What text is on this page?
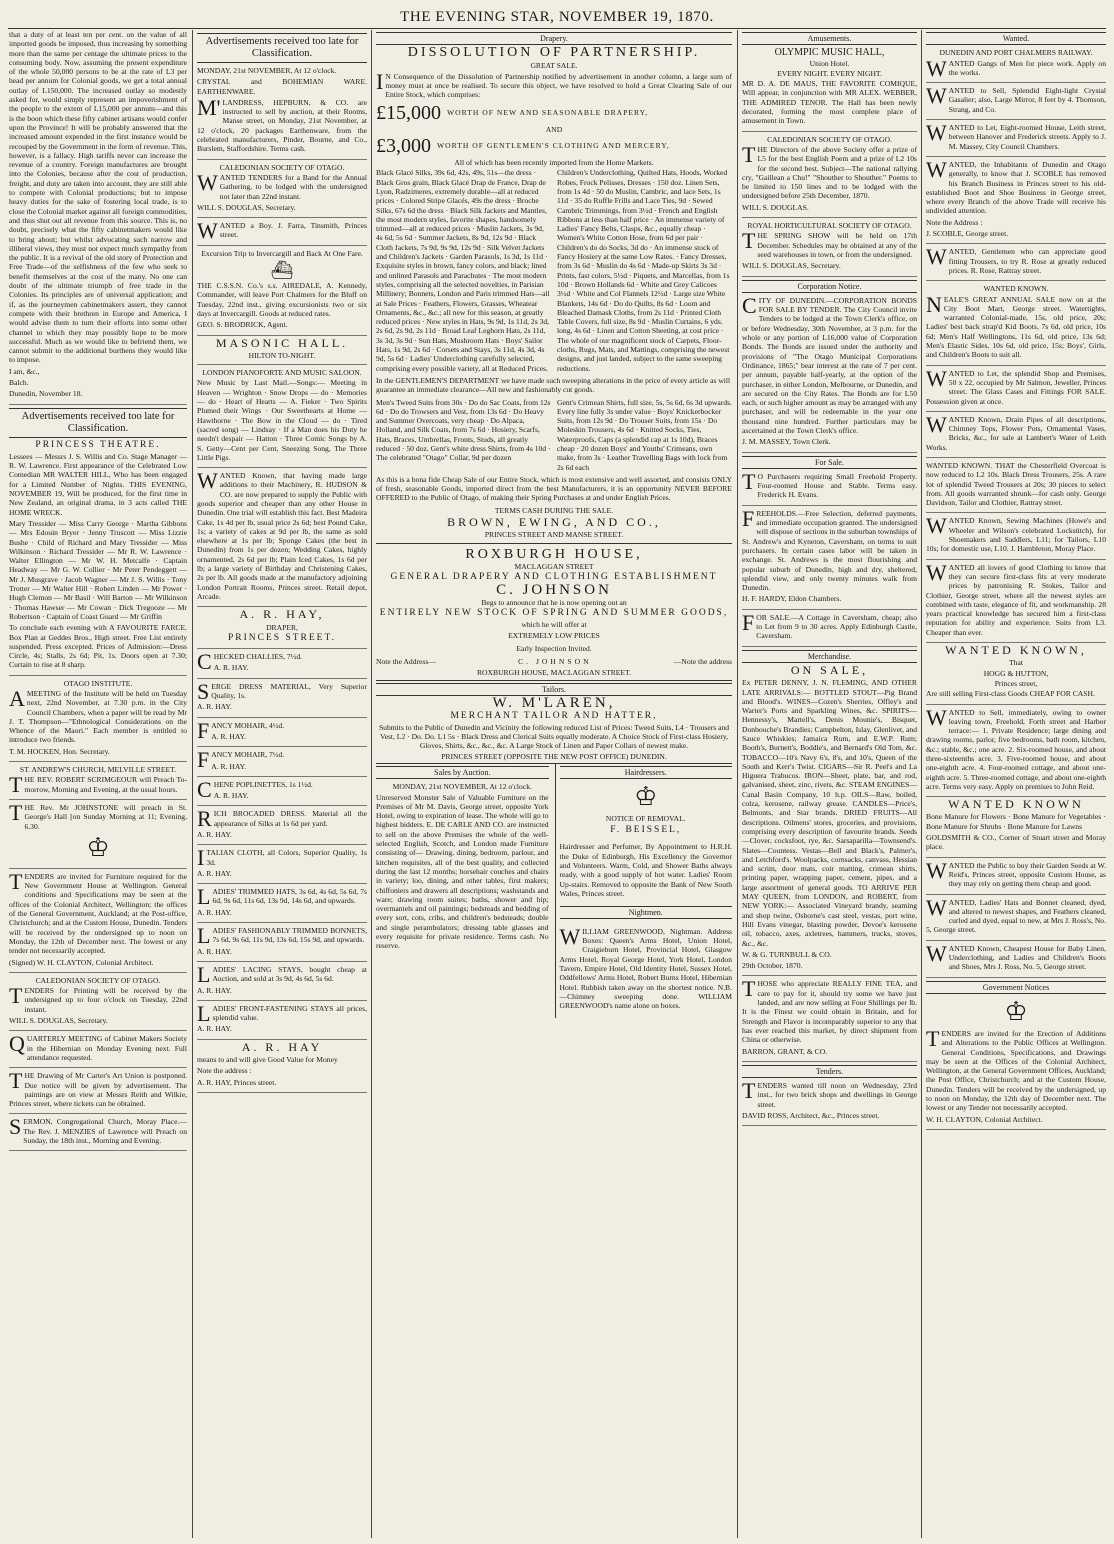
THE EVENING STAR, NOVEMBER 19, 1870.

that a duty of at least ten per cent. on the value of all imported goods be imposed, thus increasing by something more than the same per centage the ultimate prices to the consuming body. Now, assuming the present expenditure of the whole 50,000 persons to be at the rate of L3 per head per annum for Colonial goods, we get a total annual outlay of L150,000. The increased outlay so modestly asked for, would simply represent an impoverishment of the people to the extent of L15,000 per annum—and this is the boon which these fifty cabinet artisans would confer upon the Province! It will be probably answered that the increased amount expended in the first instance would be recouped by the Government in the form of revenue. This, however, is a fallacy. High tariffs never can increase the revenue of a country. Foreign manufactures are brought into the Colonies, because after the cost of production, freight, and duty are taken into account, they are still able to compete with Colonial productions; but to impose heavy duties for the sake of fostering local trade, is to close the Colonial market against all foreign commodities, and thus shut out all revenue from this source. This is, no doubt, precisely what the fifty cabinetmakers would like to bring about; but whilst advocating such narrow and illiberal views, they must not expect much sympathy from the public. It is a revival of the old story of Protection and Free Trade—of the selfishness of the few who seek to benefit themselves at the cost of the many. No one can doubt of the ultimate triumph of free trade in the Colonies. Its principles are of universal application; and if, as the journeymen cabinetmakers assert, they cannot compete with their brethren in Europe and America, I would advise them to turn their efforts into some other channel to which they may possibly hope to be more successful. Much as we would like to befriend them, we cannot submit to the additional burthens they would like to impose.

I am, &c.,

Balch.

Dunedin, November 18.

Advertisements received too late for Classification.
PRINCESS THEATRE.

Lessees — Messrs J. S. Willis and Co. Stage Manager — R. W. Lawrence. First appearance of the Celebrated Low Comedian MR WALTER HILL, Who has been engaged for a Limited Number of Nights. THIS EVENING, NOVEMBER 19, Will be produced, for the first time in New Zealand, an original drama, in 3 acts called THE HOME WRECK.

Mary Tressider — Miss Carry George · Martha Gibbons — Mrs Edouin Bryer · Jenny Truscott — Miss Lizzie Bushe · Child of Richard and Mary Tressider — Miss Wilkinson · Richard Tressider — Mr R. W. Lawrence · Walter Ellington — Mr W. H. Metcalfe · Captain Headway — Mr G. W. Collier · Mr Peter Pendeggett — Mr J. Musgrave · Jacob Wagner — Mr J. S. Willis · Tony Trotter — Mr Walter Hill · Robert Linden — Mr Power · Hugh Clemon — Mr Basil · Will Barton — Mr Wilkinson · Thomas Hawser — Mr Cowan · Dick Tregooze — Mr Robertson · Captain of Coast Guard — Mr Griffin

To conclude each evening with A FAVOURITE FARCE. Box Plan at Geddes Bros., High street. Free List entirely suspended. Press excepted. Prices of Admission:—Dress Circle, 4s; Stalls, 2s 6d; Pit, 1s. Doors open at 7.30; Curtain to rise at 8 sharp.

OTAGO INSTITUTE.

AMEETING of the Institute will be held on Tuesday next, 22nd November, at 7.30 p.m. in the City Council Chambers, when a paper will be read by Mr J. T. Thompson—"Ethnological Considerations on the Whence of the Maori." Each member is entitled to introduce two friends.

T. M. HOCKEN, Hon. Secretary.

ST. ANDREW'S CHURCH, MELVILLE STREET.

THE REV. ROBERT SCRIMGEOUR will Preach To-morrow, Morning and Evening, at the usual hours.

THE Rev. Mr JOHNSTONE will preach in St. George's Hall [on Sunday Morning at 11; Evening, 6.30.

♔

TENDERS are invited for Furniture required for the New Government House at Wellington. General conditions and Specifications may be seen at the offices of the Colonial Architect, Wellington; the offices of the General Government, Auckland; at the Post-office, Christchurch; and at the Custom House, Dunedin. Tenders will be received by the undersigned up to noon on Monday, the 12th of December next. The lowest or any tender not necessarily accepted.

(Signed) W. H. CLAYTON, Colonial Architect.

CALEDONIAN SOCIETY OF OTAGO.

TENDERS for Printing will be received by the undersigned up to four o'clock on Tuesday, 22nd instant.

WILL S. DOUGLAS, Secretary.

QUARTERLY MEETING of Cabinet Makers Society in the Hibernian on Monday Evening next. Full attendance requested.

THE Drawing of Mr Carter's Art Union is postponed. Due notice will be given by advertisement. The paintings are on view at Messrs Reith and Wilkie, Princes street, where tickets can be obtained.

SERMON, Congregational Church, Moray Place.—The Rev. J. MENZIES of Lawrence will Preach on Sunday, the 18th inst., Morning and Evening.

Advertisements received too late for Classification.

MONDAY, 21st NOVEMBER, At 12 o'clock.

CRYSTAL and BOHEMIAN WARE. EARTHENWARE.

M'LANDRESS, HEPBURN, & CO. are instructed to sell by auction, at their Rooms, Manse street, on Monday, 21st November, at 12 o'clock, 20 packages Earthenware, from the celebrated manufacturers, Pinder, Bourne, and Co., Burslem, Staffordshire. Terms cash.

CALEDONIAN SOCIETY OF OTAGO.

WANTED TENDERS for a Band for the Annual Gathering, to be lodged with the undersigned not later than 22nd instant.

WILL S. DOUGLAS, Secretary.

WANTED a Boy. J. Farra, Tinsmith, Princes street.

Excursion Trip to Invercargill and Back At One Fare.
⛴

THE C.S.S.N. Co.'s s.s. AIREDALE, A. Kennedy, Commander, will leave Port Chalmers for the Bluff on Tuesday, 22nd inst., giving excursionists two or six days at Invercargill. Goods at reduced rates.

GEO. S. BRODRICK, Agent.

MASONIC HALL.
HILTON TO-NIGHT.
LONDON PIANOFORTE AND MUSIC SALOON.

New Music by Last Mail.—Songs:— Meeting in Heaven — Wrighton · Snow Drops — do · Memories — do · Heart of Hearts — A. Fieker · Two Spirits Plumed their Wings · Our Sweethearts at Home — Hawthorne · The Bow in the Cloud — do · Tired (sacred song) — Lindsay · If a Man does his Duty he needn't despair — Hatton · Three Comic Songs by A. S. Getty—Cent per Cent, Sneezing Song, The Three Little Pigs.

WANTED Known, that having made large additions to their Machinery, R. HUDSON & CO. are now prepared to supply the Public with goods superior and cheaper than any other House in Dunedin. One trial will establish this fact. Best Madeira Cake, 1s 4d per lb, usual price 2s 6d; best Pound Cake, 1s; a variety of cakes at 9d per lb, the same as sold elsewhere at 1s per lb; Sponge Cakes (the best in Dunedin) from 1s per dozen; Wedding Cakes, highly ornamented, 2s 6d per lb; Plain Iced Cakes, 1s 6d per lb; a large variety of Birthday and Christening Cakes, 2s per lb. All goods made at the manufactory adjoining London Portrait Rooms, Princes street. Retail depot, Arcade.

A. R. HAY,
DRAPER,
PRINCES STREET.

CHECKED CHALLIES, 7½d.

A. R. HAY.

SERGE DRESS MATERIAL, Very Superior Quality, 1s.

A. R. HAY.

FANCY MOHAIR, 4½d.

A. R. HAY.

FANCY MOHAIR, 7½d.

A. R. HAY.

CHENE POPLINETTES, 1s 1½d.

A. R. HAY.

RICH BROCADED DRESS. Material all the appearance of Silks at 1s 6d per yard.

A. R. HAY.

ITALIAN CLOTH, all Colors, Superior Quality, 1s 3d.

A. R. HAY.

LADIES' TRIMMED HATS, 3s 6d, 4s 6d, 5s 6d, 7s 6d, 9s 6d, 11s 6d, 13s 9d, 14s 6d, and upwards.

A. R. HAY.

LADIES' FASHIONABLY TRIMMED BONNETS, 7s 6d, 9s 6d, 11s 9d, 13s 6d, 15s 9d, and upwards.

A. R. HAY.

LADIES' LACING STAYS, bought cheap at Auction, and sold at 3s 9d, 4s 6d, 5s 6d.

A. R. HAY.

LADIES' FRONT-FASTENING STAYS all prices, splendid value.

A. R. HAY.

A. R. HAY

means to and will give Good Value for Money

Note the address :

A. R. HAY, Princes street.

Drapery.
DISSOLUTION OF PARTNERSHIP.
GREAT SALE.

IN Consequence of the Dissolution of Partnership notified by advertisement in another column, a large sum of money must at once be realised. To secure this object, we have resolved to hold a Great Clearing Sale of our Entire Stock, which comprises:

£15,000 WORTH OF NEW AND SEASONABLE DRAPERY,
AND
£3,000 WORTH OF GENTLEMEN'S CLOTHING AND MERCERY,

All of which has been recently imported from the Home Markets.

Black Glacé Silks, 39s 6d, 42s, 49s, 51s—the dress · Black Gros grain, Black Glacé Drap de France, Drap de Lyon, Radzimeres, extremely durable—all at reduced prices · Colored Stripe Glacés, 49s the dress · Broche Silks, 67s 6d the dress · Black Silk Jackets and Mantles, the most modern styles, favorite shapes, handsomely trimmed—all at reduced prices · Muslin Jackets, 3s 9d, 4s 6d, 5s 6d · Summer Jackets, 8s 9d, 12s 9d · Black Cloth Jackets, 7s 9d, 9s 9d, 12s 9d · Silk Velvet Jackets and Children's Jackets · Garden Parasols, 1s 3d, 1s 11d · Exquisite styles in brown, fancy colors, and black; lined and unlined Parasols and Parachutes · The most modern styles, comprising all the selected novelties, in Parisian Millinery; Bonnets, London and Paris trimmed Hats—all at Sale Prices · Feathers, Flowers, Grasses, Wheatear Ornaments, &c., &c.; all new for this season, at greatly reduced prices · New styles in Hats, 9s 9d, 1s 11d, 2s 3d, 2s 6d, 2s 9d, 2s 11d · Broad Leaf Leghorn Hats, 2s 11d, 3s 3d, 3s 9d · Sun Hats, Mushroom Hats · Boys' Sailor Hats, 1s 9d, 2s 6d · Corsets and Stays, 3s 11d, 4s 3d, 4s 9d, 5s 6d · Ladies' Underclothing carefully selected, comprising every possible variety, all at Reduced Prices.
Children's Underclothing, Quilted Hats, Hoods, Worked Robes, Frock Pelisses, Dresses · 150 doz. Linen Sets, from 1s 4d · 50 do Muslin, Cambric, and lace Sets, 1s 11d · 35 do Ruffle Frills and Lace Ties, 9d · Sewed Cambric Trimmings, from 3½d · French and English Ribbons at less than half price · An immense variety of Ladies' Fancy Belts, Clasps, &c., equally cheap · Women's White Cotton Hose, from 6d per pair · Children's do do Socks, 3d do · An immense stock of Fancy Hosiery at the same Low Rates. · Fancy Dresses, from 3s 6d · Muslin do 4s 6d · Made-up Skirts 3s 3d · Prints, fast colors, 5½d · Piquets, and Marcellas, from 1s 10d · Brown Hollands 6d · White and Grey Calicoes 3½d · White and Col Flannels 12½d · Large size White Blankets, 14s 6d · Do do Quilts, 8s 6d · Loom and Bleached Damask Cloths, from 2s 11d · Printed Cloth Table Covers, full size, 8s 9d · Muslin Curtains, 6 yds. long, 4s 6d · Linen and Cotton Sheeting, at cost price · The whole of our magnificent stock of Carpets, Floor-cloths, Rugs, Mats, and Mattings, comprising the newest designs, and just landed, subject to the same sweeping reductions.

In the GENTLEMEN'S DEPARTMENT we have made such sweeping alterations in the price of every article as will guarantee an immediate clearance—All new and fashionably cut goods.

Men's Tweed Suits from 30s · Do do Sac Coats, from 12s 6d · Do do Trowsers and Vest, from 13s 6d · Do Heavy and Summer Overcoats, very cheap · Do Alpaca, Holland, and Silk Coats, from 7s 6d · Hosiery, Scarfs, Hats, Braces, Umbrellas, Fronts, Studs, all greatly reduced · 50 doz. Gent's white dress Shirts, from 4s 10d · The celebrated "Otago" Collar, 9d per dozen
Gent's Crimean Shirts, full size, 5s, 5s 6d, 6s 3d upwards. Every line fully 3s under value · Boys' Knickerbocker Suits, from 12s 9d · Do Trouser Suits, from 15s · Do Moleskin Trousers, 4s 6d · Knitted Socks, Ties, Waterproofs, Caps (a splendid cap at 1s 10d), Braces cheap · 20 dozen Boys' and Youths' Crimeans, own make, from 3s · Leather Travelling Bags with lock from 2s 6d each

As this is a bona fide Cheap Sale of our Entire Stock, which is most extensive and well assorted, and consists ONLY of fresh, seasonable Goods, imported direct from the best Manufacturers, it is an opportunity NEVER BEFORE OFFERED to the Public of Otago, of making their Spring Purchases at and under English Prices.

TERMS CASH DURING THE SALE.

BROWN, EWING, AND CO.,
PRINCES STREET AND MANSE STREET.
ROXBURGH HOUSE,
MACLAGGAN STREET
GENERAL DRAPERY AND CLOTHING ESTABLISHMENT
C. JOHNSON

Begs to announce that he is now opening out an

ENTIRELY NEW STOCK OF SPRING AND SUMMER GOODS,

which he will offer at

EXTREMELY LOW PRICES

Early Inspection Invited.

Note the Address—	C. JOHNSON	—Note the address
ROXBURGH HOUSE, MACLAGGAN STREET.
Tailors.
W. M'LAREN,
MERCHANT TAILOR AND HATTER,

Submits to the Public of Dunedin and Vicinity the following reduced List of Prices: Tweed Suits, L4 · Trousers and Vest, L2 · Do. Do. L1 5s · Black Dress and Clerical Suits equally moderate. A Choice Stock of First-class Hosiery, Gloves, Shirts, &c., &c., &c. A Large Stock of Linen and Paper Collars of newest make.

PRINCES STREET (OPPOSITE THE NEW POST OFFICE) DUNEDIN.

Sales by Auction.

MONDAY, 21st NOVEMBER, At 12 o'clock.

Unreserved Monster Sale of Valuable Furniture on the Premises of Mr M. Davis, George street, opposite York Hotel, owing to expiration of lease. The whole will go to highest bidders. E. DE CARLE AND CO. are instructed to sell on the above Premises the whole of the well-selected English, Scotch, and London made Furniture consisting of— Drawing, dining, bedroom, parlour, and kitchen requisites, all of the best quality, and collected during the last 12 months; horsehair couches and chairs in variety; loo, dining, and other tables, first makers; chiffoniers and drawers all descriptions; washstands and ware; drawing room suites; baths, shower and hip; overmantels and oil paintings; bedsteads and bedding of every sort, cots, cribs, and children's bedsteads; double and single perambulators; dressing table glasses and every requisite for private residence. Terms cash. No reserve.

Hairdressers.
♔
NOTICE OF REMOVAL.
F. BEISSEL,

Hairdresser and Perfumer, By Appointment to H.R.H. the Duke of Edinburgh, His Excellency the Governor and Volunteers. Warm, Cold, and Shower Baths always ready, with a good supply of hot water. Ladies' Room Up-stairs. Removed to opposite the Bank of New South Wales, Princes street.

Nightmen.

WILLIAM GREENWOOD, Nightman. Address Boxes: Queen's Arms Hotel, Union Hotel, Craigieburn Hotel, Provincial Hotel, Glasgow Arms Hotel, Royal George Hotel, York Hotel, London Tavern, Empire Hotel, Old Identity Hotel, Sussex Hotel, Oddfellows' Arms Hotel, Robert Burns Hotel, Hibernian Hotel. Rubbish taken away on the shortest notice. N.B.—Chimney sweeping done. WILLIAM GREENWOOD's name alone on boxes.

Amusements.
OLYMPIC MUSIC HALL,
Union Hotel.
EVERY NIGHT. EVERY NIGHT.

MR D. A. DE MAUS, THE FAVORITE COMIQUE, Will appear, in conjunction with MR ALEX. WEBBER, THE ADMIRED TENOR. The Hall has been newly decorated, forming the most complete place of amusement in Town.

CALEDONIAN SOCIETY OF OTAGO.

THE Directors of the above Society offer a prize of L5 for the best English Poem and a prize of L2 10s for the second best. Subject—The national rallying cry, "Gaillean a Chu!" "Shouther to Shouther." Poems to be limited to 150 lines and to be lodged with the undersigned before 25th December, 1870.

WILL S. DOUGLAS.

ROYAL HORTICULTURAL SOCIETY OF OTAGO.

THE SPRING SHOW will be held on 17th December. Schedules may be obtained at any of the seed warehouses in town, or from the undersigned.

WILL S. DOUGLAS, Secretary.

Corporation Notice.

CITY OF DUNEDIN.—CORPORATION BONDS FOR SALE BY TENDER. The City Council invite Tenders to be lodged at the Town Clerk's office, on or before Wednesday, 30th November, at 3 p.m. for the whole or any portion of L16,000 value of Corporation Bonds. The Bonds are issued under the authority and provisions of "The Otago Municipal Corporations Ordinance, 1865;" bear interest at the rate of 7 per cent. per annum, payable half-yearly, at the option of the purchaser, in either London, Melbourne, or Dunedin, and are secured on the City Rates. The Bonds are for L50 each, or such higher amount as may be arranged with any purchaser, and will be redeemable in the year one thousand nine hundred. Further particulars may be ascertained at the Town Clerk's office.

J. M. MASSEY, Town Clerk.

For Sale.

TO Purchasers requiring Small Freehold Property. Four-roomed House and Stable. Terms easy. Frederick H. Evans.

FREEHOLDS.—Free Selection, deferred payments, and immediate occupation granted. The undersigned will dispose of sections in the suburban townships of St. Andrew's and Kyneton, Caversham, on terms to suit purchasers. In certain cases labor will be taken in exchange. St. Andrews is the most flourishing and popular suburb of Dunedin, high and dry, sheltered, splendid view, and only twenty minutes walk from Dunedin.

H. F. HARDY, Eldon Chambers.

FOR SALE.—A Cottage in Caversham, cheap; also to Let from 9 to 30 acres. Apply Edinburgh Castle, Caversham.

Merchandise.
ON SALE,

Ex PETER DENNY, J. N. FLEMING, AND OTHER LATE ARRIVALS:— BOTTLED STOUT—Pig Brand and Blood's. WINES—Cozen's Sherries, Offley's and Warter's Ports and Sparkling Wines, &c. SPIRITS—Hennessy's, Martell's, Denis Mounie's, Bisquet, Donbouche's Brandies; Campbelton, Islay, Glenlivet, and Sauce Whiskies; Jamaica Rum, and E.W.P. Rum; Booth's, Burnett's, Boddle's, and Bernard's Old Tom, &c. TOBACCO—10's Navy 6's, 8's, and 10's, Queen of the South and Kerr's Twist. CIGARS—Sir R. Peel's and La Higuera Trabucos. IRON—Sheet, plate, bar, and rod, galvanised, sheet, zinc, rivets, &c. STEAM ENGINES—Canal Basin Company, 10 h.p. OILS—Raw, boiled, colza, kerosene, railway grease. CANDLES—Price's, Belmonts, and Star brands. DRIED FRUITS—All descriptions. Oilmens' stores, groceries, and provisions, comprising every description of favourite brands. Seeds—Clover, cocksfoot, rye, &c. Sarsaparilla—Townsend's. Slates—Countess. Vestas—Bell and Black's, Palmer's, and Letchford's. Woolpacks, cornsacks, canvass, Hessian and scrim, door mats, coir matting, crimean shirts, printing paper, wrapping paper, cement, pipes, and a large assortment of general goods. TO ARRIVE PER MAY QUEEN, from LONDON, and ROBERT, from NEW YORK:— Associated Vineyard brandy, seaming and shop twine, Osborne's cast steel, vestas, port wine, Hill Evans vinegar, blasting powder, Devoe's kerosene oil, tobacco, axes, axletrees, hammers, trucks, stoves, &c., &c.

W. & G. TURNBULL & CO.

29th October, 1870.

THOSE who appreciate REALLY FINE TEA, and care to pay for it, should try some we have just landed, and are now selling at Four Shillings per lb. It is the Finest we could obtain in Britain, and for Strength and Flavor is incomparably superior to any that has ever reached this market, by direct shipment from China or otherwise.

BARRON, GRANT, & CO.

Tenders.

TENDERS wanted till noon on Wednesday, 23rd inst., for two brick shops and dwellings in George street.

DAVID ROSS, Architect, &c., Princes street.

Wanted.
DUNEDIN AND PORT CHALMERS RAILWAY.

WANTED Gangs of Men for piece work. Apply on the works.

WANTED to Sell, Splendid Eight-light Crystal Gasalier; also, Large Mirror, 8 feet by 4. Thomson, Strang, and Co.

WANTED to Let, Eight-roomed House, Leith street, between Hanover and Frederick streets. Apply to J. M. Massey, City Council Chambers.

WANTED, the Inhabitants of Dunedin and Otago generally, to know that J. SCOBLE has removed his Branch Business in Princes street to his old-established Boot and Shoe Business in George street, where every Branch of the above Trade will receive his undivided attention.

Note the Address :

J. SCOBLE, George street.

WANTED, Gentlemen who can appreciate good fitting Trousers, to try R. Rose at greatly reduced prices. R. Rose, Rattray street.

WANTED KNOWN.

NEALE'S GREAT ANNUAL SALE now on at the City Boot Mart, George street. Watertights, warranted Colonial-made, 15s, old price, 20s; Ladies' best back strap'd Kid Boots, 7s 6d, old price, 10s 6d; Men's Half Wellingtons, 11s 6d, old price, 13s 6d; Men's Elastic Sides, 10s 6d, old price, 15s; Boys', Girls, and Children's Boots to suit all.

WANTED to Let, the splendid Shop and Premises, 50 x 22, occupied by Mr Salmon, Jeweller, Princes street. The Glass Cases and Fittings FOR SALE. Possession given at once.

WANTED Known, Drain Pipes of all descriptions, Chimney Tops, Flower Pots, Ornamental Vases, Bricks, &c., for sale at Lambert's Water of Leith Works.

WANTED KNOWN. THAT the Chesterfield Overcoat is now reduced to L2 10s. Black Dress Trousers, 25s. A rare lot of splendid Tweed Trousers at 20s; 30 pieces to select from. All goods warranted shrunk—for cash only. George Davidson, Tailor and Clothier, Rattray street.

WANTED Known, Sewing Machines (Howe's and Wheeler and Wilson's celebrated Lockstitch), for Shoemakers and Saddlers, L11; for Tailors, L10 10s; for domestic use, L10. J. Hambleton, Moray Place.

WANTED all lovers of good Clothing to know that they can secure first-class fits at very moderate prices by patronising R. Stokes, Tailor and Clothier, George street, where all the newest styles are combined with taste, elegance of fit, and workmanship. 28 years practical knowledge has secured him a first-class reputation for ability and experience. Suits from L3. Cheaper than ever.

WANTED KNOWN,
That
HOGG & HUTTON,
Princes street,

Are still selling First-class Goods CHEAP FOR CASH.

WANTED to Sell, immediately, owing to owner leaving town, Freehold, Forth street and Harbor terrace:— 1. Private Residence; large dining and drawing rooms, parlor, five bedrooms, bath room, kitchen, &c.; stable, &c.; one acre. 2. Six-roomed house, and about three-sixteenths acre. 3. Five-roomed house, and about one-eighth acre. 4. Four-roomed cottage, and about one-eighth acre. 5. Three-roomed cottage, and about one-eighth acre. Terms very easy. Apply on premises to John Reid.

WANTED KNOWN

Bone Manure for Flowers · Bone Manure for Vegetables · Bone Manure for Shrubs · Bone Manure for Lawns

GOLDSMITH & CO., Corner of Stuart street and Moray place.

WANTED the Public to buy their Garden Seeds at W. Reid's, Princes street, opposite Custom House, as they may rely on getting them cheap and good.

WANTED, Ladies' Hats and Bonnet cleaned, dyed, and altered to newest shapes, and Feathers cleaned, curled and dyed, equal to new, at Mrs J. Ross's, No. 5, George street.

WANTED Known, Cheapest House for Baby Linen, Underclothing, and Ladies and Children's Boots and Shoes, Mrs J. Ross, No. 5, George street.

Government Notices
♔

TENDERS are invited for the Erection of Additions and Alterations to the Public Offices at Wellington. General Conditions, Specifications, and Drawings may be seen at the Offices of the Colonial Architect, Wellington, at the General Government Offices, Auckland; the Post Office, Christchurch; and at the Custom House, Dunedin. Tenders will be received by the undersigned, up to noon on Monday, the 12th day of December next. The lowest or any Tender not necessarily accepted.

W. H. CLAYTON, Colonial Architect.
